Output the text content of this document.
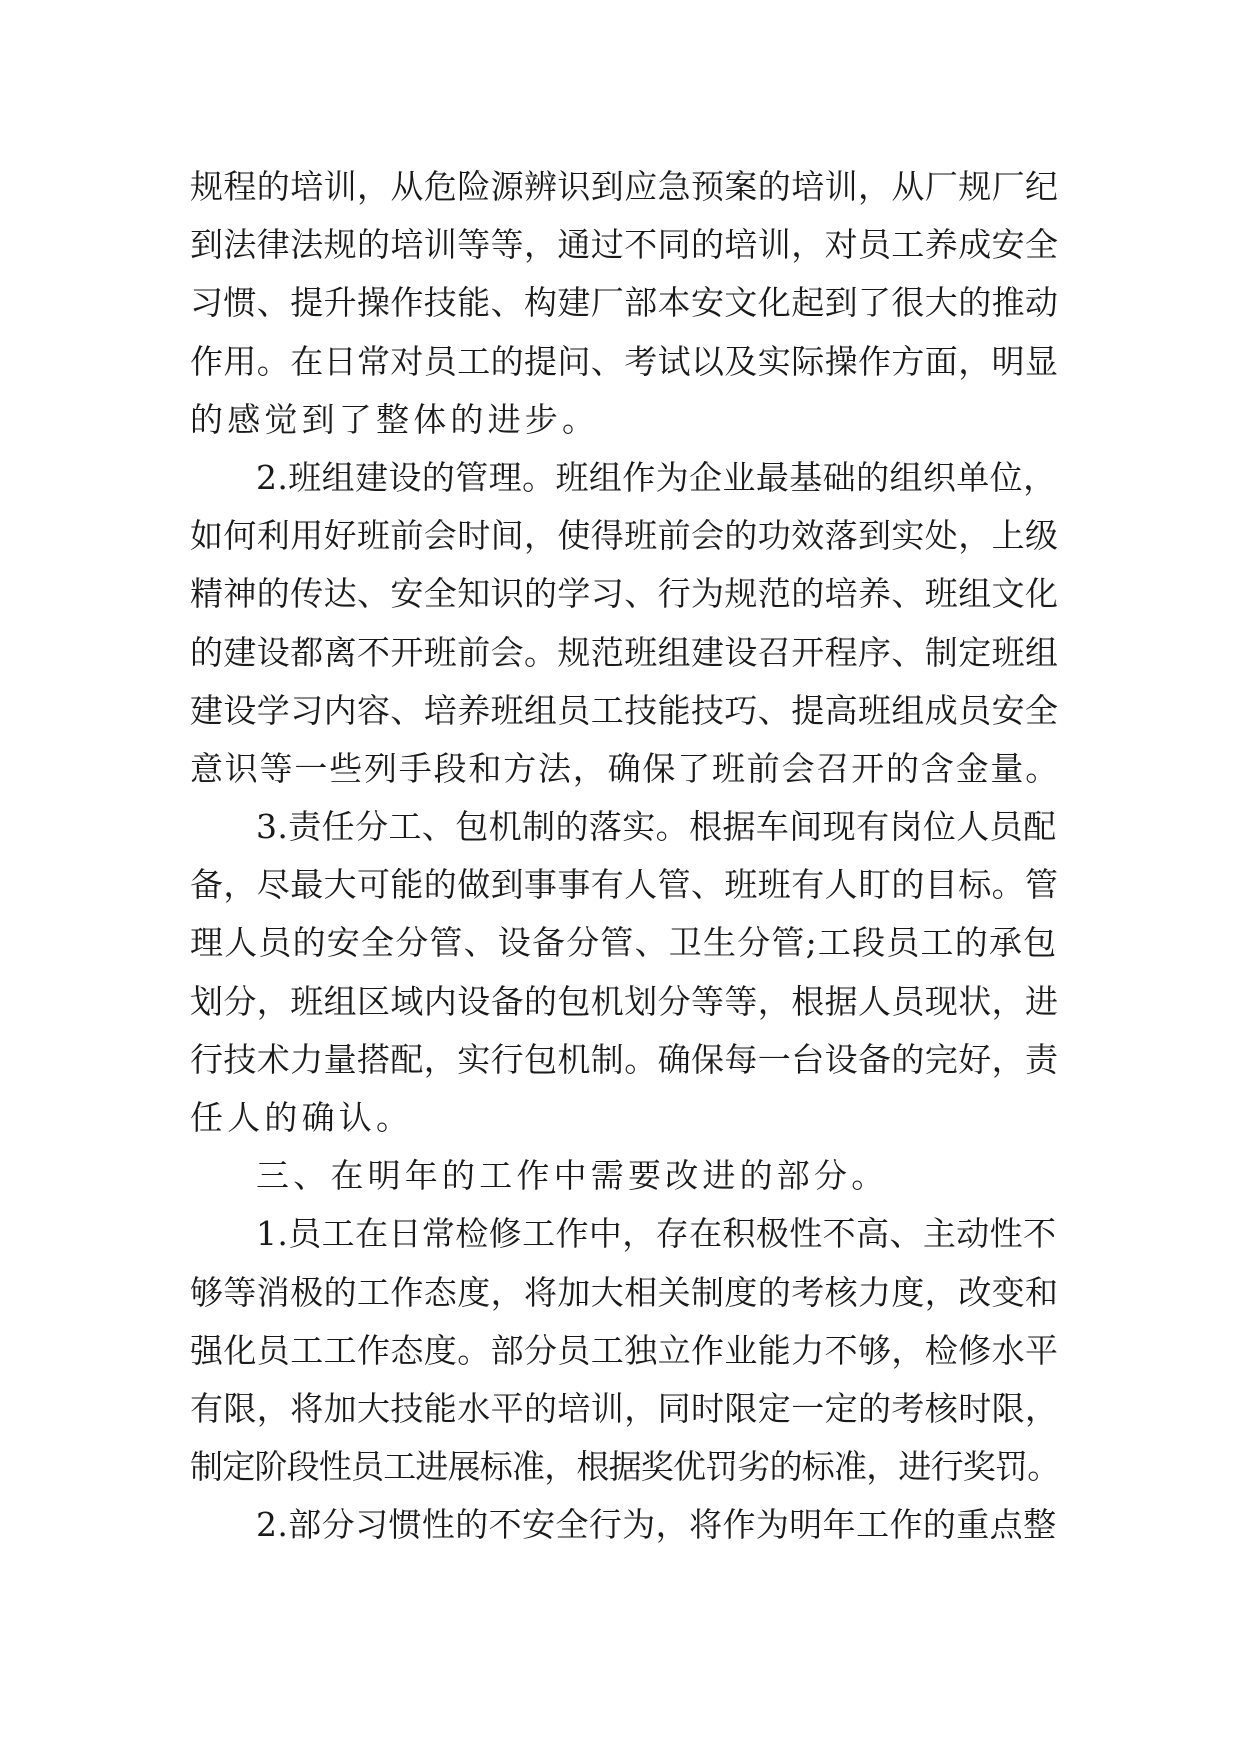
规程的培训，从危险源辨识到应急预案的培训，从厂规厂纪
到法律法规的培训等等，通过不同的培训，对员工养成安全
习惯、提升操作技能、构建厂部本安文化起到了很大的推动
作用。在日常对员工的提问、考试以及实际操作方面，明显
的感觉到了整体的进步。
2.班组建设的管理。班组作为企业最基础的组织单位，
如何利用好班前会时间，使得班前会的功效落到实处，上级
精神的传达、安全知识的学习、行为规范的培养、班组文化
的建设都离不开班前会。规范班组建设召开程序、制定班组
建设学习内容、培养班组员工技能技巧、提高班组成员安全
意识等一些列手段和方法，确保了班前会召开的含金量。
3.责任分工、包机制的落实。根据车间现有岗位人员配
备，尽最大可能的做到事事有人管、班班有人盯的目标。管
理人员的安全分管、设备分管、卫生分管;工段员工的承包
划分，班组区域内设备的包机划分等等，根据人员现状，进
行技术力量搭配，实行包机制。确保每一台设备的完好，责
任人的确认。
三、在明年的工作中需要改进的部分。
1.员工在日常检修工作中，存在积极性不高、主动性不
够等消极的工作态度，将加大相关制度的考核力度，改变和
强化员工工作态度。部分员工独立作业能力不够，检修水平
有限，将加大技能水平的培训，同时限定一定的考核时限，
制定阶段性员工进展标准，根据奖优罚劣的标准，进行奖罚。
2.部分习惯性的不安全行为，将作为明年工作的重点整
